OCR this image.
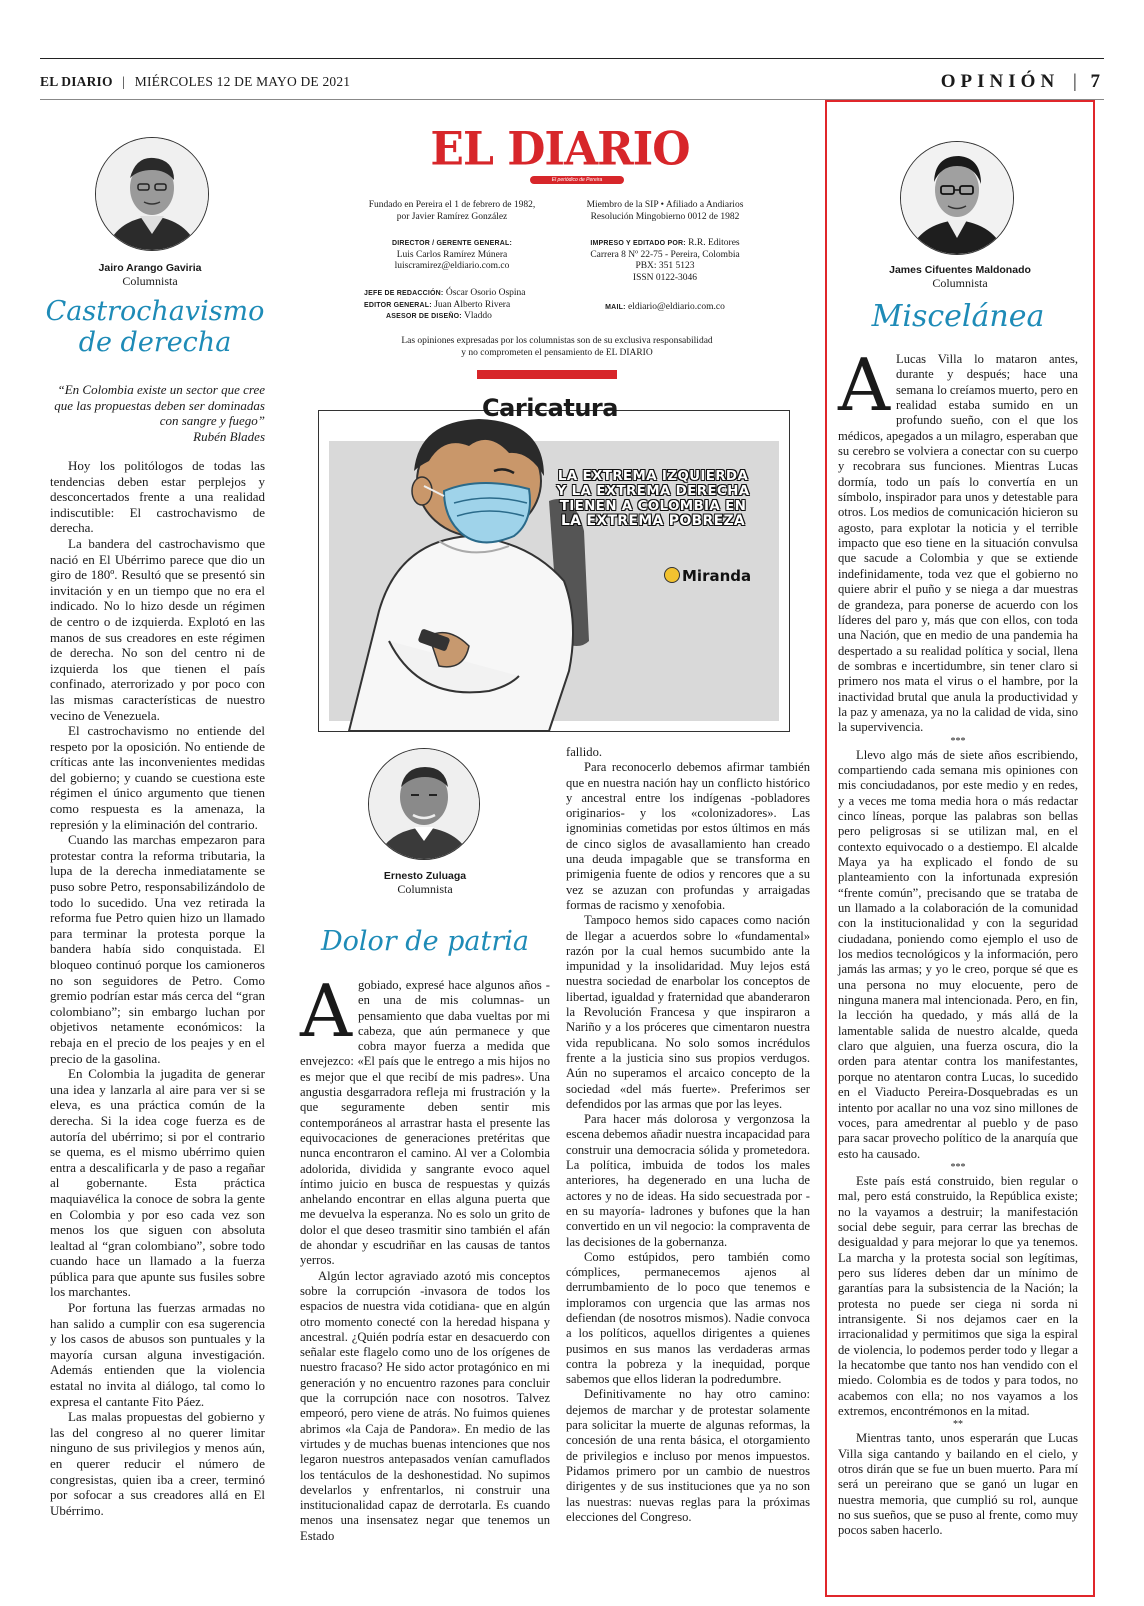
EL DIARIO | MIÉRCOLES 12 DE MAYO DE 2021	OPINIÓN | 7
Jairo Arango Gaviria
Columnista
Castrochavismo
de derecha
“En Colombia existe un sector que cree que las propuestas deben ser dominadas con sangre y fuego”
Rubén Blades

Hoy los politólogos de todas las tendencias deben estar perplejos y desconcertados frente a una realidad indiscutible: El castrochavismo de derecha.

La bandera del castrochavismo que nació en El Ubérrimo parece que dio un giro de 180º. Resultó que se presentó sin invitación y en un tiempo que no era el indicado. No lo hizo desde un régimen de centro o de izquierda. Explotó en las manos de sus creadores en este régimen de derecha. No son del centro ni de izquierda los que tienen el país confinado, aterrorizado y por poco con las mismas características de nuestro vecino de Venezuela.

El castrochavismo no entiende del respeto por la oposición. No entiende de críticas ante las inconvenientes medidas del gobierno; y cuando se cuestiona este régimen el único argumento que tienen como respuesta es la amenaza, la represión y la eliminación del contrario.

Cuando las marchas empezaron para protestar contra la reforma tributaria, la lupa de la derecha inmediatamente se puso sobre Petro, responsabilizándolo de todo lo sucedido. Una vez retirada la reforma fue Petro quien hizo un llamado para terminar la protesta porque la bandera había sido conquistada. El bloqueo continuó porque los camioneros no son seguidores de Petro. Como gremio podrían estar más cerca del “gran colombiano”; sin embargo luchan por objetivos netamente económicos: la rebaja en el precio de los peajes y en el precio de la gasolina.

En Colombia la jugadita de generar una idea y lanzarla al aire para ver si se eleva, es una práctica común de la derecha. Si la idea coge fuerza es de autoría del ubérrimo; si por el contrario se quema, es el mismo ubérrimo quien entra a descalificarla y de paso a regañar al gobernante. Esta práctica maquiavélica la conoce de sobra la gente en Colombia y por eso cada vez son menos los que siguen con absoluta lealtad al “gran colombiano”, sobre todo cuando hace un llamado a la fuerza pública para que apunte sus fusiles sobre los marchantes.

Por fortuna las fuerzas armadas no han salido a cumplir con esa sugerencia y los casos de abusos son puntuales y la mayoría cursan alguna investigación. Además entienden que la violencia estatal no invita al diálogo, tal como lo expresa el cantante Fito Páez.

Las malas propuestas del gobierno y las del congreso al no querer limitar ninguno de sus privilegios y menos aún, en querer reducir el número de congresistas, quien iba a creer, terminó por sofocar a sus creadores allá en El Ubérrimo.

EL DIARIO
El periódico de Pereira
Fundado en Pereira el 1 de febrero de 1982,
por Javier Ramírez González
Miembro de la SIP • Afiliado a Andiarios
Resolución Mingobierno 0012 de 1982
DIRECTOR / GERENTE GENERAL:
Luis Carlos Ramírez Múnera
luiscramirez@eldiario.com.co
IMPRESO Y EDITADO POR: R.R. Editores
Carrera 8 Nº 22-75 - Pereira, Colombia
PBX: 351 5123
ISSN 0122-3046
JEFE DE REDACCIÓN: Óscar Osorio Ospina
EDITOR GENERAL: Juan Alberto Rivera
ASESOR DE DISEÑO: Vladdo
MAIL: eldiario@eldiario.com.co
Las opiniones expresadas por los columnistas son de su exclusiva responsabilidad
y no comprometen el pensamiento de EL DIARIO
Caricatura
LA EXTREMA IZQUIERDA
Y LA EXTREMA DERECHA
TIENEN A COLOMBIA EN
LA EXTREMA POBREZA
Miranda
Ernesto Zuluaga
Columnista
Dolor de patria

Agobiado, expresé hace algunos años -en una de mis columnas- un pensamiento que daba vueltas por mi cabeza, que aún permanece y que cobra mayor fuerza a medida que envejezco: «El país que le entrego a mis hijos no es mejor que el que recibí de mis padres». Una angustia desgarradora refleja mi frustración y la que seguramente deben sentir mis contemporáneos al arrastrar hasta el presente las equivocaciones de generaciones pretéritas que nunca encontraron el camino. Al ver a Colombia adolorida, dividida y sangrante evoco aquel íntimo juicio en busca de respuestas y quizás anhelando encontrar en ellas alguna puerta que me devuelva la esperanza. No es solo un grito de dolor el que deseo trasmitir sino también el afán de ahondar y escudriñar en las causas de tantos yerros.

Algún lector agraviado azotó mis conceptos sobre la corrupción -invasora de todos los espacios de nuestra vida cotidiana- que en algún otro momento conecté con la heredad hispana y ancestral. ¿Quién podría estar en desacuerdo con señalar este flagelo como uno de los orígenes de nuestro fracaso? He sido actor protagónico en mi generación y no encuentro razones para concluir que la corrupción nace con nosotros. Talvez empeoró, pero viene de atrás. No fuimos quienes abrimos «la Caja de Pandora». En medio de las virtudes y de muchas buenas intenciones que nos legaron nuestros antepasados venían camuflados los tentáculos de la deshonestidad. No supimos develarlos y enfrentarlos, ni construir una institucionalidad capaz de derrotarla. Es cuando menos una insensatez negar que tenemos un Estado

fallido.

Para reconocerlo debemos afirmar también que en nuestra nación hay un conflicto histórico y ancestral entre los indígenas -pobladores originarios- y los «colonizadores». Las ignominias cometidas por estos últimos en más de cinco siglos de avasallamiento han creado una deuda impagable que se transforma en primigenia fuente de odios y rencores que a su vez se azuzan con profundas y arraigadas formas de racismo y xenofobia.

Tampoco hemos sido capaces como nación de llegar a acuerdos sobre lo «fundamental» razón por la cual hemos sucumbido ante la impunidad y la insolidaridad. Muy lejos está nuestra sociedad de enarbolar los conceptos de libertad, igualdad y fraternidad que abanderaron la Revolución Francesa y que inspiraron a Nariño y a los próceres que cimentaron nuestra vida republicana. No solo somos incrédulos frente a la justicia sino sus propios verdugos. Aún no superamos el arcaico concepto de la sociedad «del más fuerte». Preferimos ser defendidos por las armas que por las leyes.

Para hacer más dolorosa y vergonzosa la escena debemos añadir nuestra incapacidad para construir una democracia sólida y prometedora. La política, imbuida de todos los males anteriores, ha degenerado en una lucha de actores y no de ideas. Ha sido secuestrada por -en su mayoría- ladrones y bufones que la han convertido en un vil negocio: la compraventa de las decisiones de la gobernanza.

Como estúpidos, pero también como cómplices, permanecemos ajenos al derrumbamiento de lo poco que tenemos e imploramos con urgencia que las armas nos defiendan (de nosotros mismos). Nadie convoca a los políticos, aquellos dirigentes a quienes pusimos en sus manos las verdaderas armas contra la pobreza y la inequidad, porque sabemos que ellos lideran la podredumbre.

Definitivamente no hay otro camino: dejemos de marchar y de protestar solamente para solicitar la muerte de algunas reformas, la concesión de una renta básica, el otorgamiento de privilegios e incluso por menos impuestos. Pidamos primero por un cambio de nuestros dirigentes y de sus instituciones que ya no son las nuestras: nuevas reglas para la próximas elecciones del Congreso.

James Cifuentes Maldonado
Columnista
Miscelánea

A Lucas Villa lo mataron antes, durante y después; hace una semana lo creíamos muerto, pero en realidad estaba sumido en un profundo sueño, con el que los médicos, apegados a un milagro, esperaban que su cerebro se volviera a conectar con su cuerpo y recobrara sus funciones. Mientras Lucas dormía, todo un país lo convertía en un símbolo, inspirador para unos y detestable para otros. Los medios de comunicación hicieron su agosto, para explotar la noticia y el terrible impacto que eso tiene en la situación convulsa que sacude a Colombia y que se extiende indefinidamente, toda vez que el gobierno no quiere abrir el puño y se niega a dar muestras de grandeza, para ponerse de acuerdo con los líderes del paro y, más que con ellos, con toda una Nación, que en medio de una pandemia ha despertado a su realidad política y social, llena de sombras e incertidumbre, sin tener claro si primero nos mata el virus o el hambre, por la inactividad brutal que anula la productividad y la paz y amenaza, ya no la calidad de vida, sino la supervivencia.

***

Llevo algo más de siete años escribiendo, compartiendo cada semana mis opiniones con mis conciudadanos, por este medio y en redes, y a veces me toma media hora o más redactar cinco líneas, porque las palabras son bellas pero peligrosas si se utilizan mal, en el contexto equivocado o a destiempo. El alcalde Maya ya ha explicado el fondo de su planteamiento con la infortunada expresión “frente común”, precisando que se trataba de un llamado a la colaboración de la comunidad con la institucionalidad y con la seguridad ciudadana, poniendo como ejemplo el uso de los medios tecnológicos y la información, pero jamás las armas; y yo le creo, porque sé que es una persona no muy elocuente, pero de ninguna manera mal intencionada. Pero, en fin, la lección ha quedado, y más allá de la lamentable salida de nuestro alcalde, queda claro que alguien, una fuerza oscura, dio la orden para atentar contra los manifestantes, porque no atentaron contra Lucas, lo sucedido en el Viaducto Pereira-Dosquebradas es un intento por acallar no una voz sino millones de voces, para amedrentar al pueblo y de paso para sacar provecho político de la anarquía que esto ha causado.

***

Este país está construido, bien regular o mal, pero está construido, la República existe; no la vayamos a destruir; la manifestación social debe seguir, para cerrar las brechas de desigualdad y para mejorar lo que ya tenemos. La marcha y la protesta social son legítimas, pero sus líderes deben dar un mínimo de garantías para la subsistencia de la Nación; la protesta no puede ser ciega ni sorda ni intransigente. Si nos dejamos caer en la irracionalidad y permitimos que siga la espiral de violencia, lo podemos perder todo y llegar a la hecatombe que tanto nos han vendido con el miedo. Colombia es de todos y para todos, no acabemos con ella; no nos vayamos a los extremos, encontrémonos en la mitad.

**

Mientras tanto, unos esperarán que Lucas Villa siga cantando y bailando en el cielo, y otros dirán que se fue un buen muerto. Para mí será un pereirano que se ganó un lugar en nuestra memoria, que cumplió su rol, aunque no sus sueños, que se puso al frente, como muy pocos saben hacerlo.
